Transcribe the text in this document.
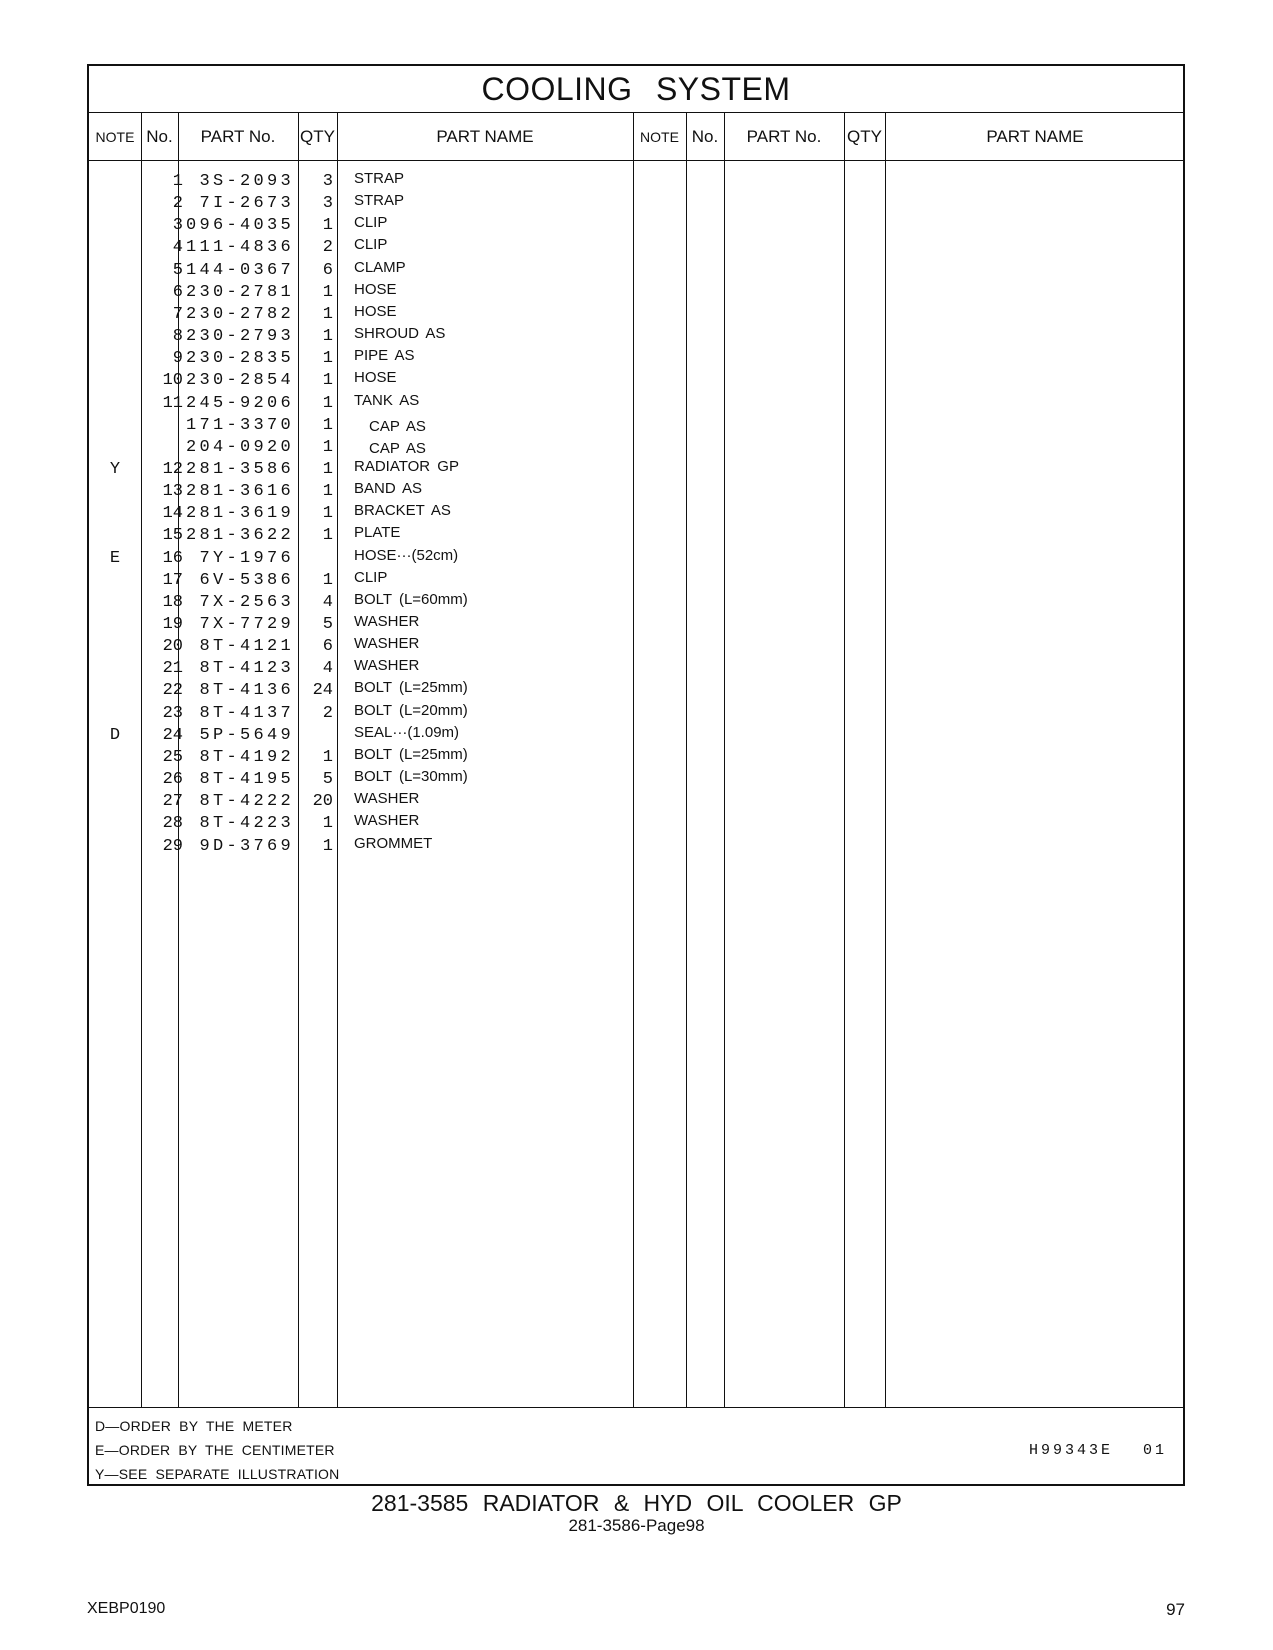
COOLING SYSTEM
NOTE No.	PART No.	QTY	PART NAME	NOTE No.	PART No.	QTY	PART NAME
1 3S-2093	3 STRAP
2 7I-2673	3 STRAP
3 096-4035	1 CLIP
4 111-4836	2 CLIP
5 144-0367	6 CLAMP
6 230-2781	1 HOSE
7 230-2782	1 HOSE
8 230-2793	1 SHROUD AS
9 230-2835	1 PIPE AS
10 230-2854	1 HOSE
11 245-9206	1 TANK AS
171-3370	1 CAP AS
204-0920	1 CAP AS
Y	12 281-3586	1 RADIATOR GP
13 281-3616	1 BAND AS
14 281-3619	1 BRACKET AS
15 281-3622	1 PLATE
E	16 7Y-1976	HOSE···(52cm)
17 6V-5386	1 CLIP
18 7X-2563	4 BOLT (L=60mm)
19 7X-7729	5 WASHER
20 8T-4121	6 WASHER
21 8T-4123	4 WASHER
22 8T-4136	24 BOLT (L=25mm)
23 8T-4137	2 BOLT (L=20mm)
D	24 5P-5649	SEAL···(1.09m)
25 8T-4192	1 BOLT (L=25mm)
26 8T-4195	5 BOLT (L=30mm)
27 8T-4222	20 WASHER
28 8T-4223	1 WASHER
29 9D-3769	1 GROMMET
D—ORDER BY THE METER
E—ORDER BY THE CENTIMETER
Y—SEE SEPARATE ILLUSTRATION
H99343E 01
281-3585 RADIATOR & HYD OIL COOLER GP
281-3586-Page98
XEBP0190	97
